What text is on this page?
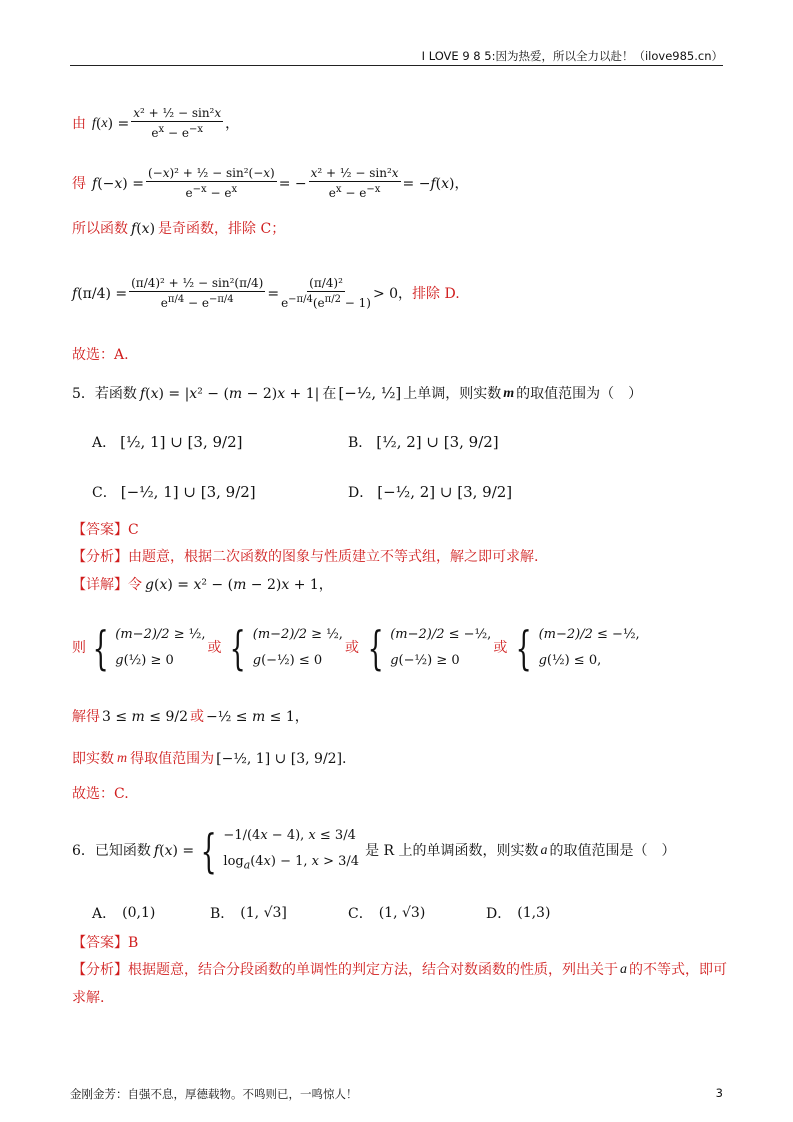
I LOVE 9 8 5:因为热爱，所以全力以赴！（ilove985.cn）
由 f ( x ) = $\frac{\text{x² + ½ − sin²x}}{e^x - e^{-x}}$ ，
得 $f(-x) = \frac{\text{(−x)² + ½ − sin²(−x)}}{e^{-x} - e^x}$ = − $\frac{\text{x² + ½ − sin²x}}{e^x - e^{-x}} = -f(x)$，
所以函数 f(x) 是奇函数，排除 C；
$f(\pi/4) = \frac{\text{(π/4)² + ½ − sin²(π/4)}}{e^{\pi/4} - e^{-\pi/4}} = \frac{\text{(π/4)²}}{e^{-\pi/4}(e^{\pi/2} - 1)} > 0$， 排除 D.
故选：A.
5．若函数 f(x) = |x² − (m − 2)x + 1| 在 [−½, ½] 上单调，则实数 m 的取值范围为（　）
A． [½, 1] ∪ [3, 9/2]	B． [½, 2] ∪ [3, 9/2]
C． [−½, 1] ∪ [3, 9/2]	D． [−½, 2] ∪ [3, 9/2]
【答案】 C
【分析】 由题意，根据二次函数的图象与性质建立不等式组，解之即可求解.
【详解】 令 g(x) = x² − (m − 2)x + 1，
则 { (m−2)/2 ≥ ½,
g(½) ≥ 0
或 { (m−2)/2 ≥ ½,
g(−½) ≤ 0
或 { (m−2)/2 ≤ −½,
g(−½) ≥ 0
或 { (m−2)/2 ≤ −½,
g(½) ≤ 0,
解得 3 ≤ m ≤ 9/2 或 −½ ≤ m ≤ 1，
即实数 m 得取值范围为 [−½, 1] ∪ [3, 9/2].
故选：C.
6．已知函数 f(x) = { −1/(4x − 4), x ≤ 3/4
$\log_a(4x) - 1$, x > 3/4
是 R 上的单调函数，则实数 a 的取值范围是（　）
A． (0,1)	B． (1, √3]	C． (1, √3)	D． (1,3)
【答案】 B
【分析】 根据题意，结合分段函数的单调性的判定方法，结合对数函数的性质，列出关于 a 的不等式，即可
求解.
金刚金芳：自强不息，厚德载物。不鸣则已，一鸣惊人！	3
